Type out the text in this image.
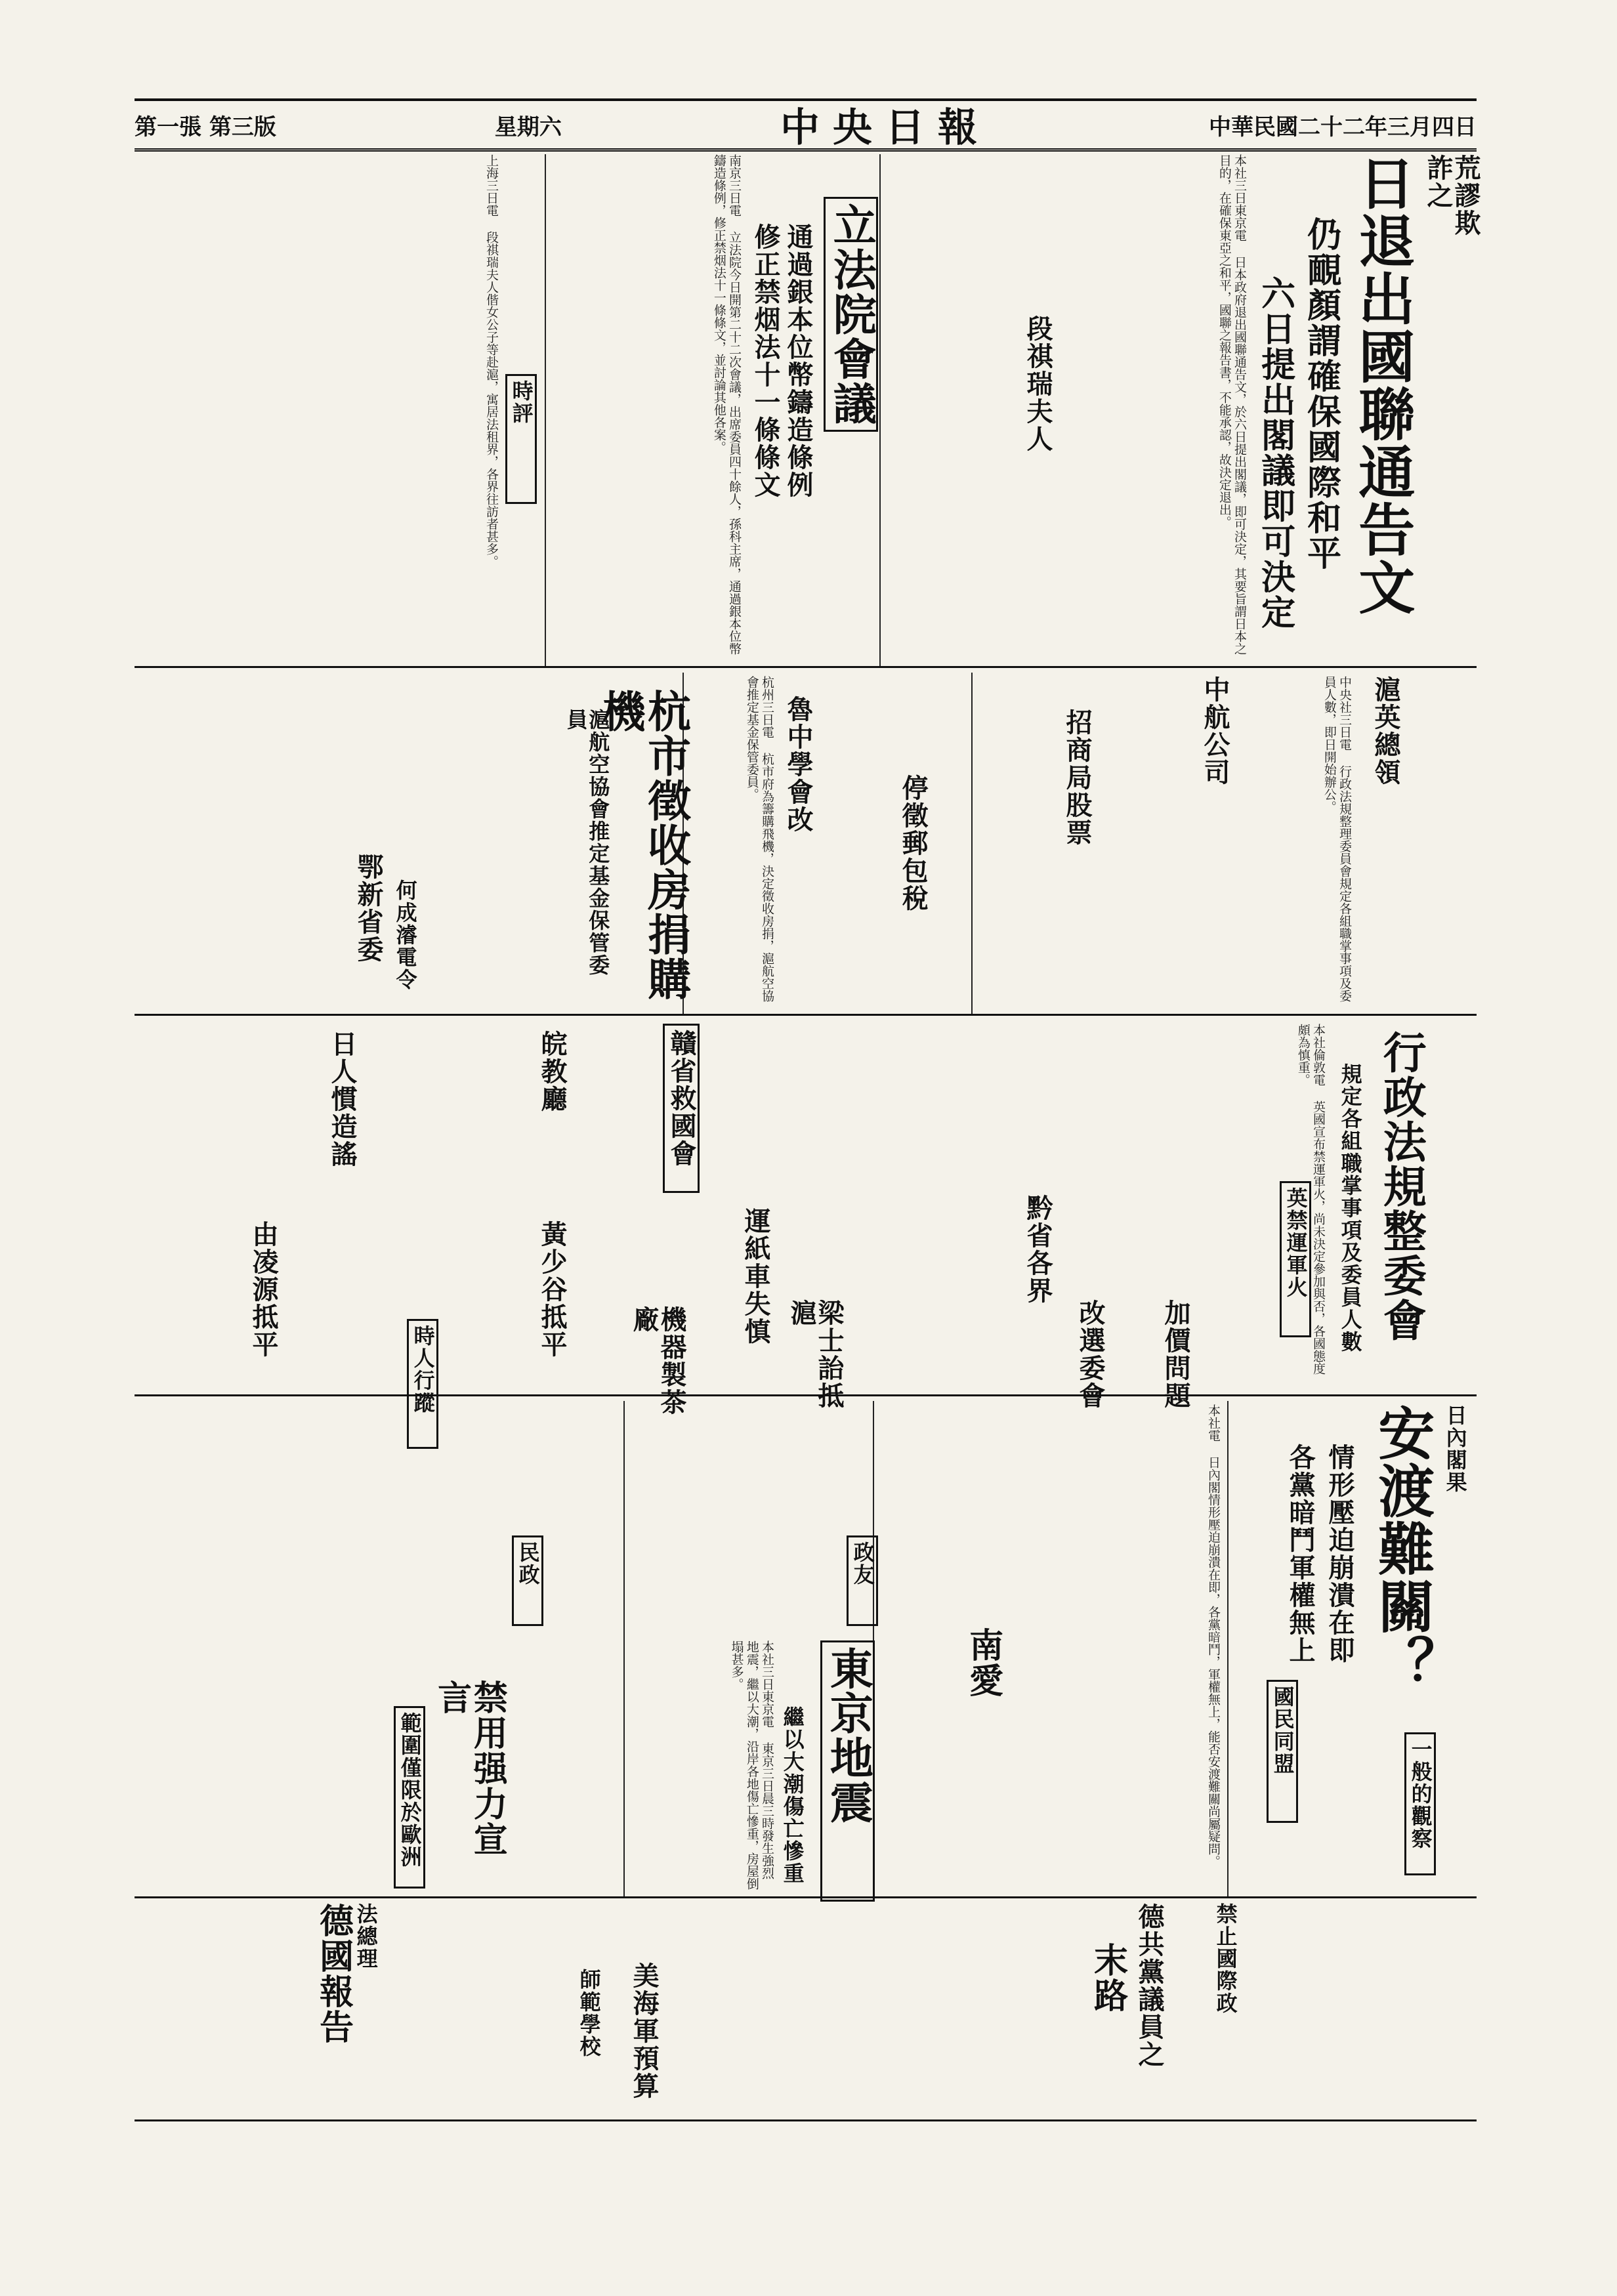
中華民國二十二年三月四日
中央日報
星期六
第一張 第三版
荒謬欺詐之
日退出國聯通告文
仍靦顏謂確保國際和平
六日提出閣議即可決定
本社三日東京電 日本政府退出國聯通告文，於六日提出閣議，即可決定，其要旨謂日本之目的，在確保東亞之和平，國聯之報告書，不能承認，故決定退出。
立法院會議
通過銀本位幣鑄造條例
修正禁烟法十一條條文
南京三日電 立法院今日開第二十二次會議，出席委員四十餘人，孫科主席，通過銀本位幣鑄造條例，修正禁烟法十一條條文，並討論其他各案。	段祺瑞夫人
時評
上海三日電 段祺瑞夫人偕女公子等赴滬，寓居法租界，各界往訪者甚多。
滬英總領
中航公司
招商局股票	中央社三日電 行政法規整理委員會規定各組職掌事項及委員人數，即日開始辦公。
停徵郵包稅
魯中學會改
杭市徵收房捐購機
滬航空協會推定基金保管委員	杭州三日電 杭市府為籌購飛機，決定徵收房捐，滬航空協會推定基金保管委員。
鄂新省委 何成濬電令
行政法規整委會
規定各組職掌事項及委員人數
本社倫敦電 英國宣布禁運軍火，尚未決定參加與否，各國態度頗為慎重。
英禁運軍火
黔省各界
運紙車失慎
贛省救國會
皖教廳
日人慣造謠
黃少谷抵平
由凌源抵平
日內閣果
安渡難關？
情形壓迫崩潰在即
各黨暗鬥軍權無上
本社電 日內閣情形壓迫崩潰在即，各黨暗鬥，軍權無上，能否安渡難關尚屬疑問。
加價問題
改選委會
梁士詒抵滬
機器製茶廠
時人行蹤
政友
民政
國民同盟
東京地震
繼以大潮傷亡慘重
本社三日東京電 東京三日晨三時發生強烈地震，繼以大潮，沿岸各地傷亡慘重，房屋倒塌甚多。	南愛
禁用强力宣言
範圍僅限於歐洲	一般的觀察
德共黨議員之
末路
美海軍預算
師範學校
德國報告 法總理	禁止國際政
